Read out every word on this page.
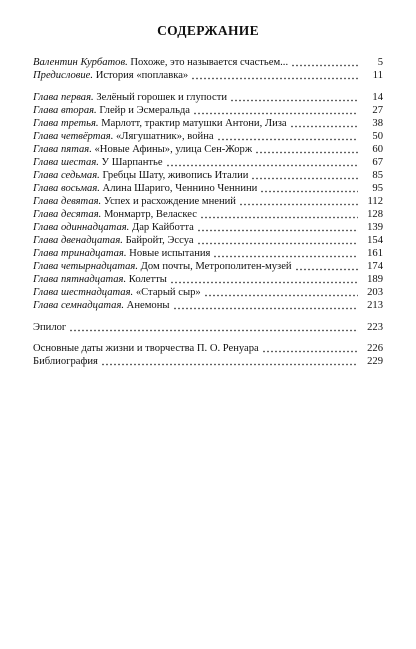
СОДЕРЖАНИЕ
Валентин Курбатов. Похоже, это называется счастьем...	5
Предисловие. История «поплавка»	11
Глава первая. Зелёный горошек и глупости	14
Глава вторая. Глейр и Эсмеральда	27
Глава третья. Марлотт, трактир матушки Антони, Лиза	38
Глава четвёртая. «Лягушатник», война	50
Глава пятая. «Новые Афины», улица Сен-Жорж	60
Глава шестая. У Шарпантье	67
Глава седьмая. Гребцы Шату, живопись Италии	85
Глава восьмая. Алина Шариго, Ченнино Ченнини	95
Глава девятая. Успех и расхождение мнений	112
Глава десятая. Монмартр, Веласкес	128
Глава одиннадцатая. Дар Кайботта	139
Глава двенадцатая. Байройт, Эссуа	154
Глава тринадцатая. Новые испытания	161
Глава четырнадцатая. Дом почты, Метрополитен-музей	174
Глава пятнадцатая. Колетты	189
Глава шестнадцатая. «Старый сыр»	203
Глава семнадцатая. Анемоны	213
Эпилог	223
Основные даты жизни и творчества П. О. Ренуара	226
Библиография	229
